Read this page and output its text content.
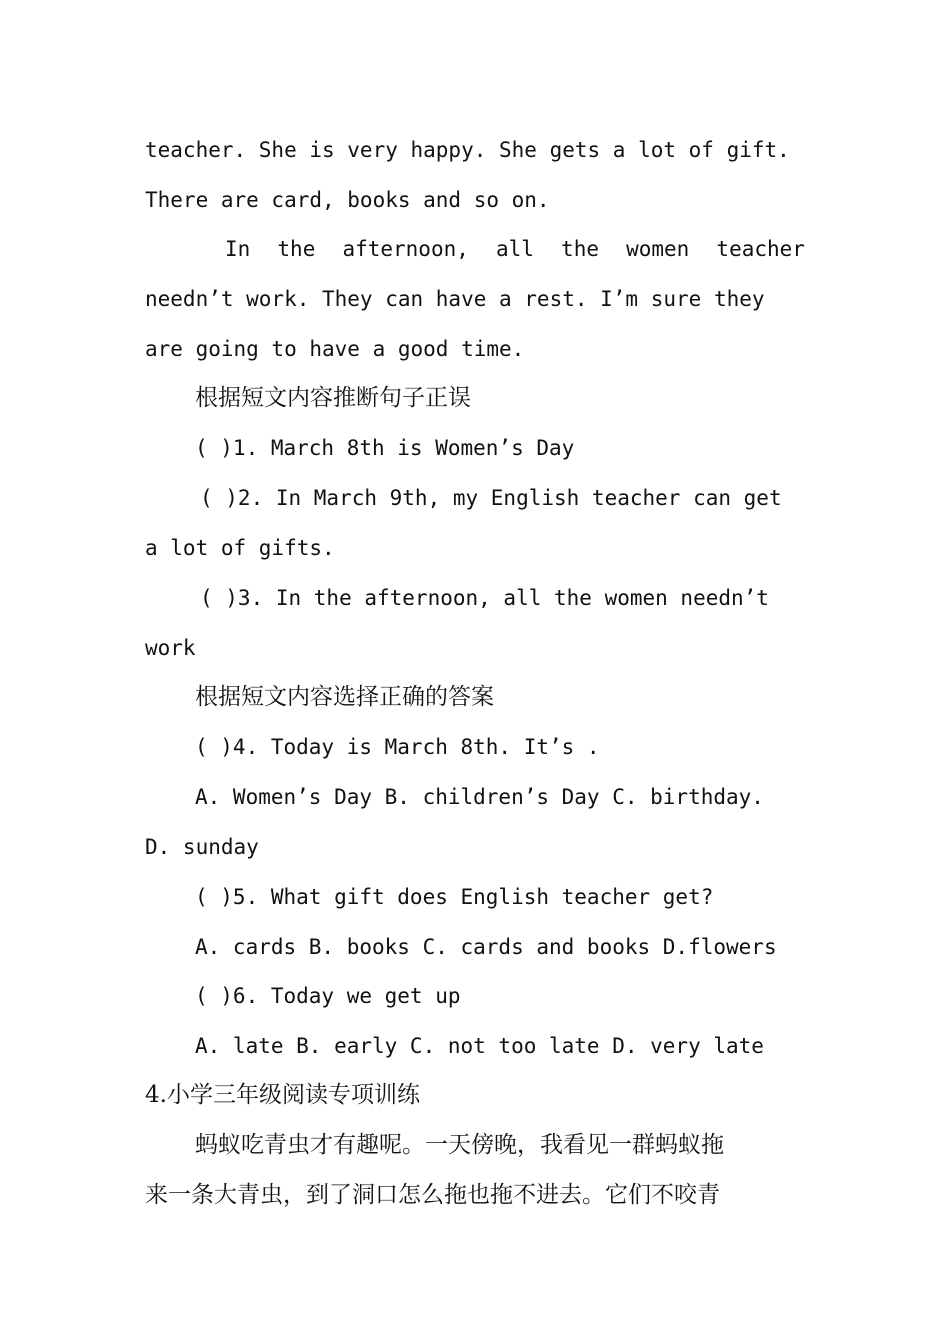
teacher. She is very happy. She gets a lot of gift.
There are card, books and so on.
In the afternoon, all the women teacher
needn’t work. They can have a rest. I’m sure they
are going to have a good time.
根据短文内容推断句子正误
( )1. March 8th is Women’s Day
( )2. In March 9th, my English teacher can get
a lot of gifts.
( )3. In the afternoon, all the women needn’t
work
根据短文内容选择正确的答案
( )4. Today is March 8th. It’s .
A. Women’s Day B. children’s Day C. birthday.
D. sunday
( )5. What gift does English teacher get?
A. cards B. books C. cards and books D.flowers
( )6. Today we get up
A. late B. early C. not too late D. very late
4.小学三年级阅读专项训练
蚂蚁吃青虫才有趣呢。一天傍晚，我看见一群蚂蚁拖
来一条大青虫，到了洞口怎么拖也拖不进去。它们不咬青
